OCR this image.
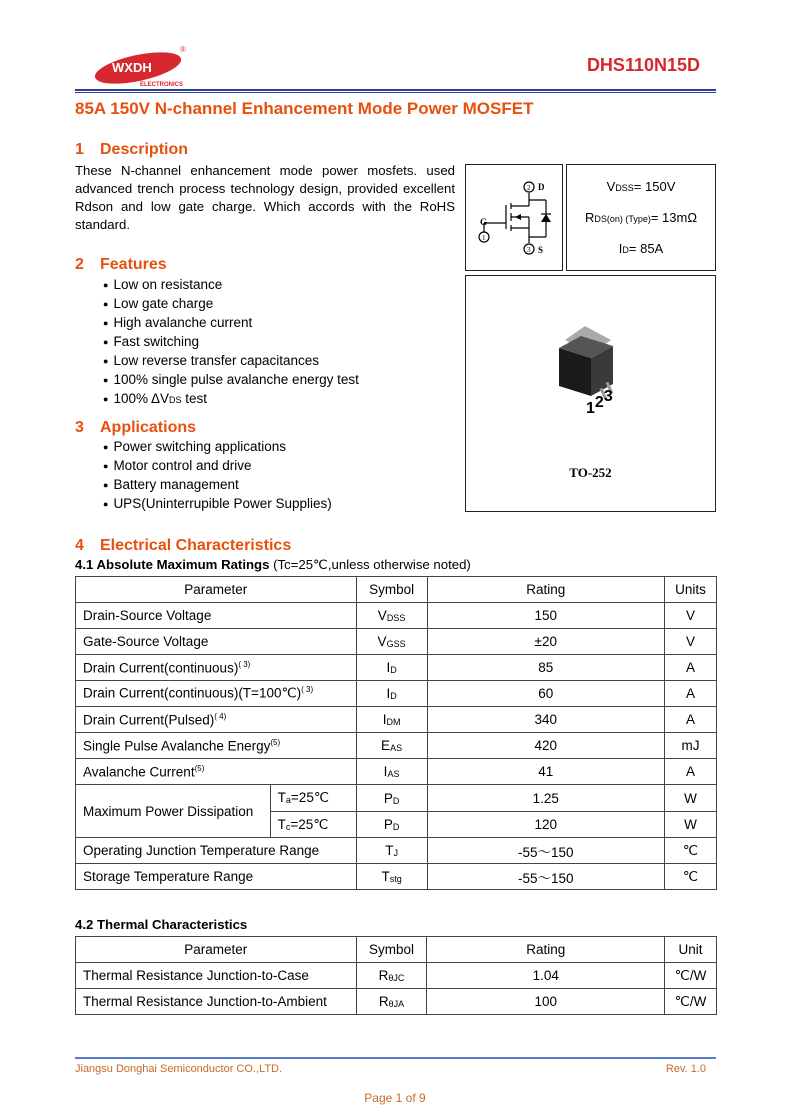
WXDH
®
ELECTRONICS
DHS110N15D
85A 150V N-channel Enhancement Mode Power MOSFET
1 Description
These N-channel enhancement mode power mosfets. used advanced trench process technology design, provided excellent Rdson and low gate charge. Which accords with the RoHS standard.
2
1
3
D
G
S
VDSS= 150V
RDS(on) (Type)= 13mΩ
ID= 85A
123
TO-252
2 Features
● Low on resistance
● Low gate charge
● High avalanche current
● Fast switching
● Low reverse transfer capacitances
● 100% single pulse avalanche energy test
● 100% ΔVDS test
3 Applications
● Power switching applications
● Motor control and drive
● Battery management
● UPS(Uninterrupible Power Supplies)
4 Electrical Characteristics
4.1 Absolute Maximum Ratings (Tc=25℃,unless otherwise noted)
Parameter		Symbol	Rating	Units
Drain-Source Voltage		VDSS	150	V
Gate-Source Voltage		VGSS	±20	V
Drain Current(continuous)$^{( 3)}$		ID	85	A
Drain Current(continuous)(T=100℃)$^{( 3)}$		ID	60	A
Drain Current(Pulsed)$^{( 4)}$		IDM	340	A
Single Pulse Avalanche Energy$^{(5)}$		EAS	420	mJ
Avalanche Current$^{(5)}$		IAS	41	A
Maximum Power Dissipation	Ta=25℃	PD	1.25	W
	Tc=25℃	PD	120	W
Operating Junction Temperature Range		TJ	-55～150	℃
Storage Temperature Range		Tstg	-55～150	℃
4.2 Thermal Characteristics
Parameter	Symbol	Rating	Unit
Thermal Resistance Junction-to-Case	RθJC	1.04	℃/W
Thermal Resistance Junction-to-Ambient	RθJA	100	℃/W
Jiangsu Donghai Semiconductor CO.,LTD.	Rev. 1.0
Page 1 of 9
